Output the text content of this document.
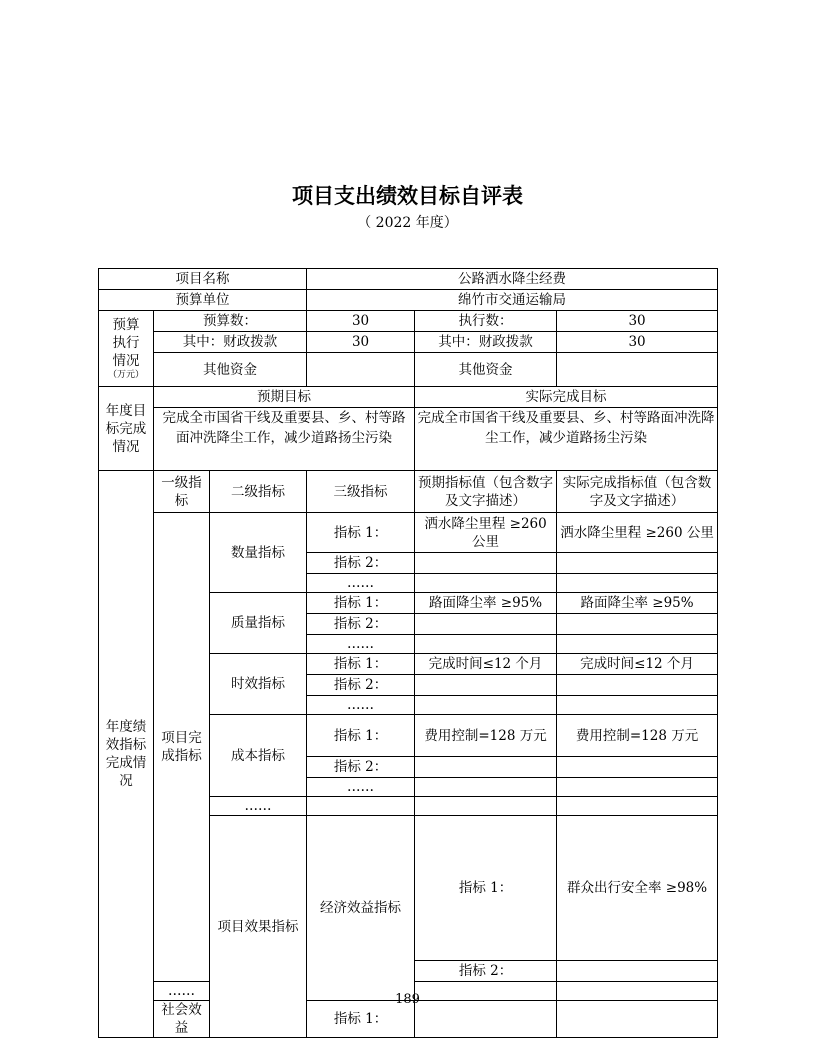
项目支出绩效目标自评表
（ 2022 年度）
项目名称			公路洒水降尘经费			
预算单位			绵竹市交通运输局			
预算
执行
情况
（万元）	预算数：		30	执行数：	30	
	其中：财政拨款		30	其中：财政拨款	30	
	其他资金			其他资金		
年度目标完成情况	预期目标			实际完成目标		
	完成全市国省干线及重要县、乡、村等路面冲洗降尘工作，减少道路扬尘污染			完成全市国省干线及重要县、乡、村等路面冲洗降尘工作，减少道路扬尘污染		
年度绩效指标完成情况	一级指标	二级指标	三级指标	预期指标值（包含数字及文字描述）	实际完成指标值（包含数字及文字描述）	
	项目完成指标	数量指标	指标 1：	洒水降尘里程 ≥260 公里	洒水降尘里程 ≥260 公里	
			指标 2：			
			……			
		质量指标	指标 1：	路面降尘率 ≥95%	路面降尘率 ≥95%	
			指标 2：			
			……			
		时效指标	指标 1：	完成时间≤12 个月	完成时间≤12 个月	
			指标 2：			
			……			
		成本指标	指标 1：	费用控制=128 万元	费用控制=128 万元	
			指标 2：			
			……			
		……				
		项目效果指标	经济效益指标	指标 1：	群众出行安全率 ≥98%	
				指标 2：		
	……					
	社会效益		指标 1：			
189
